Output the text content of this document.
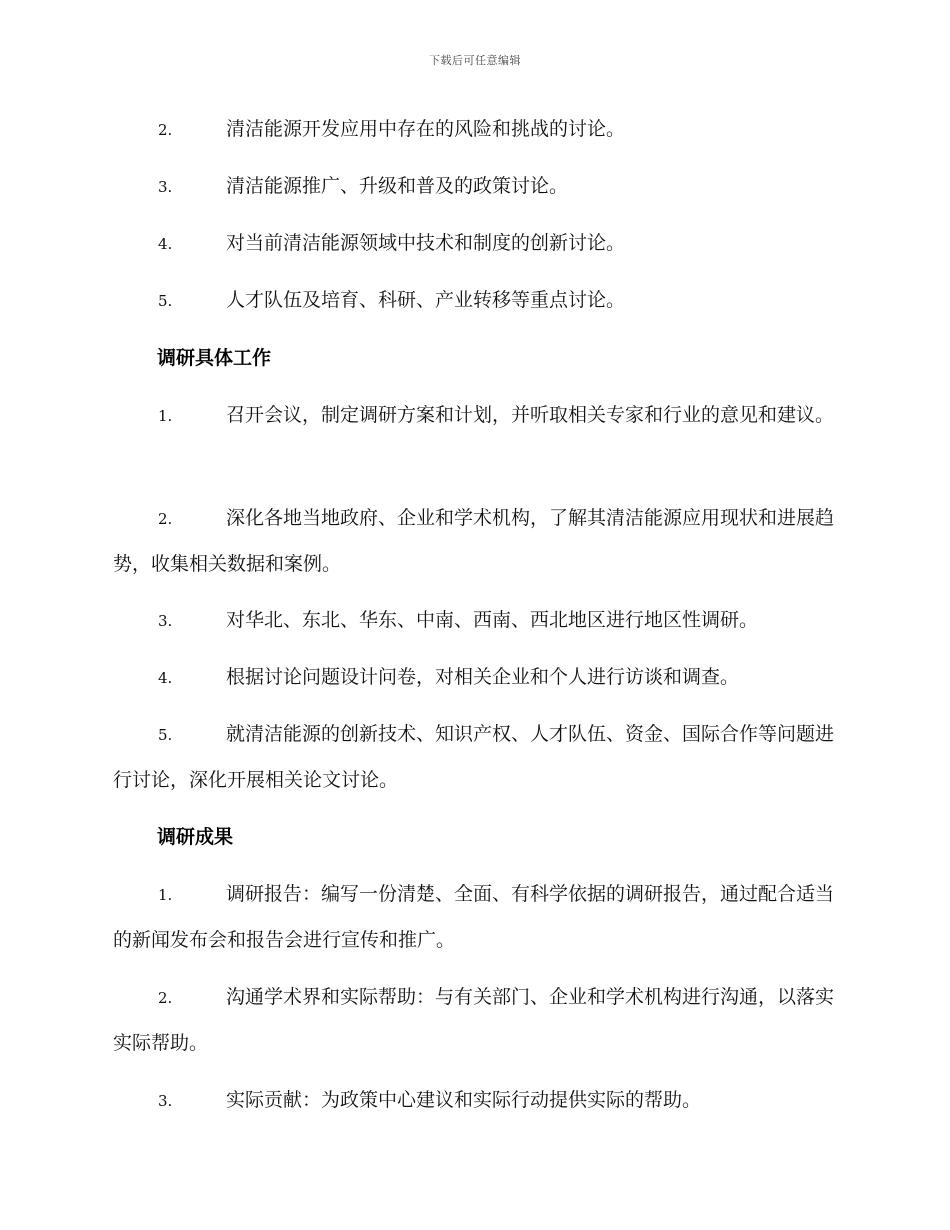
下载后可任意编辑
2.	清洁能源开发应用中存在的风险和挑战的讨论。
3.	清洁能源推广、升级和普及的政策讨论。
4.	对当前清洁能源领域中技术和制度的创新讨论。
5.	人才队伍及培育、科研、产业转移等重点讨论。
调研具体工作
1.	召开会议，制定调研方案和计划，并听取相关专家和行业的意见和建议。
2.	深化各地当地政府、企业和学术机构，了解其清洁能源应用现状和进展趋势，收集相关数据和案例。
3.	对华北、东北、华东、中南、西南、西北地区进行地区性调研。
4.	根据讨论问题设计问卷，对相关企业和个人进行访谈和调查。
5.	就清洁能源的创新技术、知识产权、人才队伍、资金、国际合作等问题进行讨论，深化开展相关论文讨论。
调研成果
1.	调研报告：编写一份清楚、全面、有科学依据的调研报告，通过配合适当的新闻发布会和报告会进行宣传和推广。
2.	沟通学术界和实际帮助：与有关部门、企业和学术机构进行沟通，以落实实际帮助。
3.	实际贡献：为政策中心建议和实际行动提供实际的帮助。
